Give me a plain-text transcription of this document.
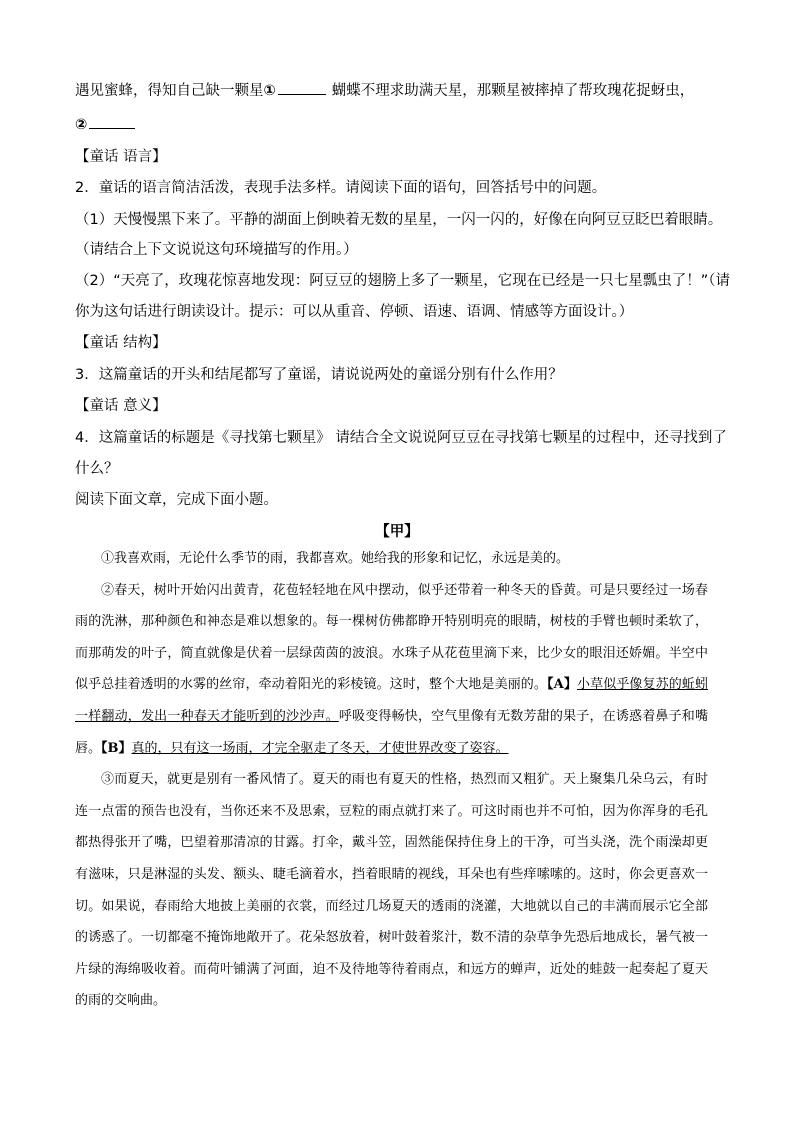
遇见蜜蜂，得知自己缺一颗星①	蝴蝶不理求助满天星，那颗星被摔掉了帮玫瑰花捉蚜虫，
②
【童话 语言】
2．童话的语言简洁活泼，表现手法多样。请阅读下面的语句，回答括号中的问题。
（1）天慢慢黑下来了。平静的湖面上倒映着无数的星星，一闪一闪的，好像在向阿豆豆眨巴着眼睛。
（请结合上下文说说这句环境描写的作用。）
（2）“天亮了，玫瑰花惊喜地发现：阿豆豆的翅膀上多了一颗星，它现在已经是一只七星瓢虫了！”（请
你为这句话进行朗读设计。提示：可以从重音、停顿、语速、语调、情感等方面设计。）
【童话 结构】
3．这篇童话的开头和结尾都写了童谣，请说说两处的童谣分别有什么作用？
【童话 意义】
4．这篇童话的标题是《寻找第七颗星》 请结合全文说说阿豆豆在寻找第七颗星的过程中，还寻找到了
什么？
阅读下面文章，完成下面小题。
【甲】

①我喜欢雨，无论什么季节的雨，我都喜欢。她给我的形象和记忆，永远是美的。

②春天，树叶开始闪出黄青，花苞轻轻地在风中摆动，似乎还带着一种冬天的昏黄。可是只要经过一场春雨的洗淋，那种颜色和神态是难以想象的。每一棵树仿佛都睁开特别明亮的眼睛，树枝的手臂也顿时柔软了，而那萌发的叶子，简直就像是伏着一层绿茵茵的波浪。水珠子从花苞里滴下来，比少女的眼泪还娇媚。半空中似乎总挂着透明的水雾的丝帘，牵动着阳光的彩棱镜。这时，整个大地是美丽的。【A】小草似乎像复苏的蚯蚓一样翻动，发出一种春天才能听到的沙沙声。呼吸变得畅快，空气里像有无数芳甜的果子，在诱惑着鼻子和嘴唇。【B】真的，只有这一场雨，才完全驱走了冬天，才使世界改变了姿容。

③而夏天，就更是别有一番风情了。夏天的雨也有夏天的性格，热烈而又粗犷。天上聚集几朵乌云，有时连一点雷的预告也没有，当你还来不及思索，豆粒的雨点就打来了。可这时雨也并不可怕，因为你浑身的毛孔都热得张开了嘴，巴望着那清凉的甘露。打伞，戴斗笠，固然能保持住身上的干净，可当头浇，洗个雨澡却更有滋味，只是淋湿的头发、额头、睫毛滴着水，挡着眼睛的视线，耳朵也有些痒嗦嗦的。这时，你会更喜欢一切。如果说，春雨给大地披上美丽的衣裳，而经过几场夏天的透雨的浇灌，大地就以自己的丰满而展示它全部的诱惑了。一切都毫不掩饰地敞开了。花朵怒放着，树叶鼓着浆汁，数不清的杂草争先恐后地成长，暑气被一片绿的海绵吸收着。而荷叶铺满了河面，迫不及待地等待着雨点，和远方的蝉声，近处的蛙鼓一起奏起了夏天的雨的交响曲。
